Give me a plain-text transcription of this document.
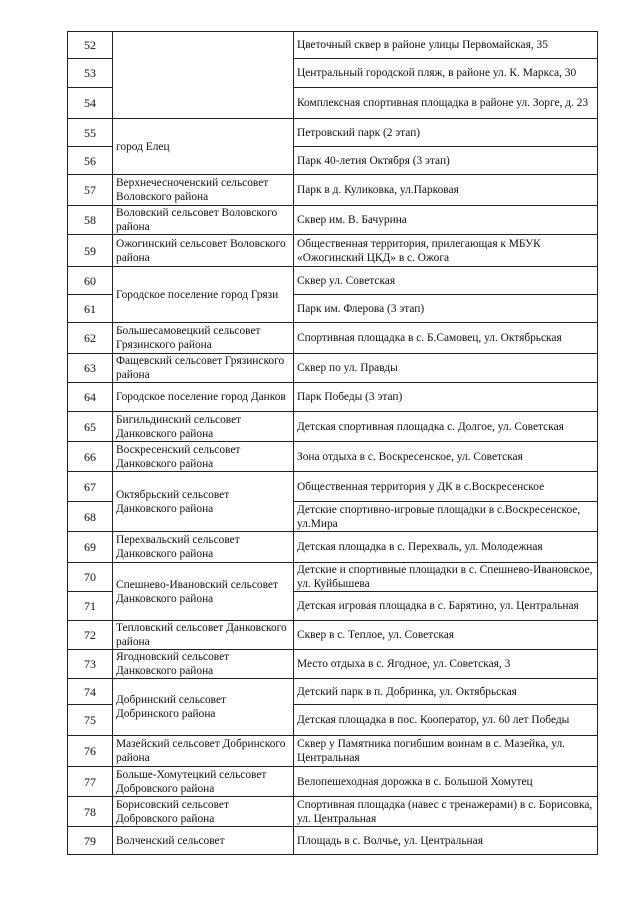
52		Цветочный сквер в районе улицы Первомайская, 35
53		Центральный городской пляж, в районе ул. К. Маркса, 30
54		Комплексная спортивная площадка в районе ул. Зорге, д. 23
55	город Елец	Петровский парк (2 этап)
56		Парк 40-летия Октября (3 этап)
57	Верхнечесноченский сельсовет Воловского района	Парк в д. Куликовка, ул.Парковая
58	Воловский сельсовет Воловского района	Сквер им. В. Бачурина
59	Ожогинский сельсовет Воловского района	Общественная территория, прилегающая к МБУК «Ожогинский ЦКД» в с. Ожога
60	Городское поселение город Грязи	Сквер ул. Советская
61		Парк им. Флерова (3 этап)
62	Большесамовецкий сельсовет Грязинского района	Спортивная площадка в с. Б.Самовец, ул. Октябрьская
63	Фащевский сельсовет Грязинского района	Сквер по ул. Правды
64	Городское поселение город Данков	Парк Победы (3 этап)
65	Бигильдинский сельсовет Данковского района	Детская спортивная площадка с. Долгое, ул. Советская
66	Воскресенский сельсовет Данковского района	Зона отдыха в с. Воскресенское, ул. Советская
67	Октябрьский сельсовет Данковского района	Общественная территория у ДК в с.Воскресенское
68		Детские спортивно-игровые площадки в с.Воскресенское, ул.Мира
69	Перехвальский сельсовет Данковского района	Детская площадка в с. Перехваль, ул. Молодежная
70	Спешнево-Ивановский сельсовет Данковского района	Детские и спортивные площадки в с. Спешнево-Ивановское, ул. Куйбышева
71		Детская игровая площадка в с. Барятино, ул. Центральная
72	Тепловский сельсовет Данковского района	Сквер в с. Теплое, ул. Советская
73	Ягодновский сельсовет Данковского района	Место отдыха в с. Ягодное, ул. Советская, 3
74	Добринский сельсовет Добринского района	Детский парк в п. Добринка, ул. Октябрьская
75		Детская площадка в пос. Кооператор, ул. 60 лет Победы
76	Мазейский сельсовет Добринского района	Сквер у Памятника погибшим воинам в с. Мазейка, ул. Центральная
77	Больше-Хомутецкий сельсовет Добровского района	Велопешеходная дорожка в с. Большой Хомутец
78	Борисовский сельсовет Добровского района	Спортивная площадка (навес с тренажерами) в с. Борисовка, ул. Центральная
79	Волченский сельсовет	Площадь в с. Волчье, ул. Центральная
